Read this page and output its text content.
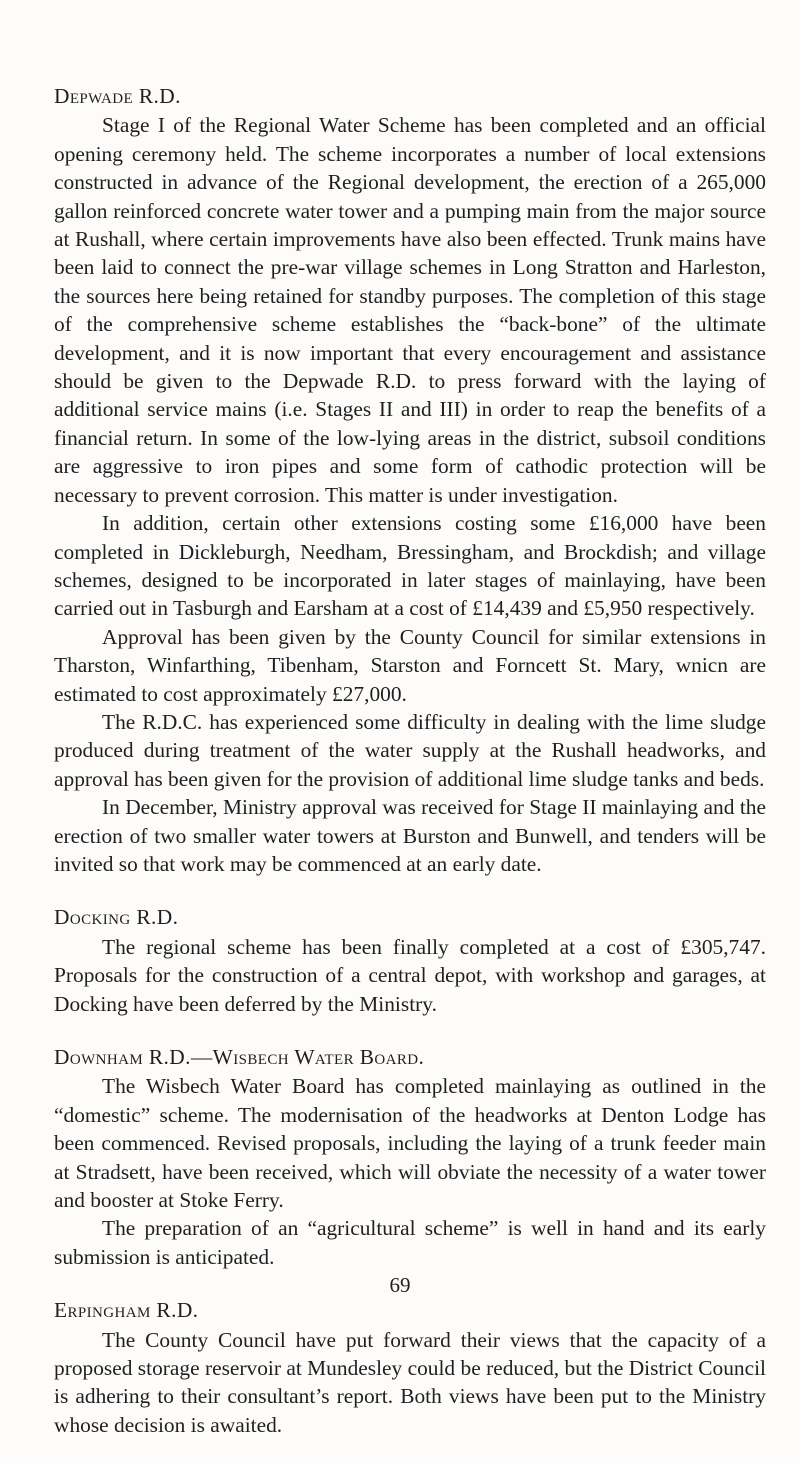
Depwade R.D.

Stage I of the Regional Water Scheme has been completed and an official opening ceremony held. The scheme incorporates a number of local extensions constructed in advance of the Regional development, the erection of a 265,000 gallon reinforced concrete water tower and a pumping main from the major source at Rushall, where certain improvements have also been effected. Trunk mains have been laid to connect the pre-war village schemes in Long Stratton and Harleston, the sources here being retained for standby purposes. The completion of this stage of the comprehensive scheme establishes the “back-bone” of the ultimate development, and it is now important that every encouragement and assistance should be given to the Depwade R.D. to press forward with the laying of additional service mains (i.e. Stages II and III) in order to reap the benefits of a financial return. In some of the low-lying areas in the district, subsoil conditions are aggressive to iron pipes and some form of cathodic protection will be necessary to prevent corrosion. This matter is under investigation.

In addition, certain other extensions costing some £16,000 have been completed in Dickleburgh, Needham, Bressingham, and Brockdish; and village schemes, designed to be incorporated in later stages of mainlaying, have been carried out in Tasburgh and Earsham at a cost of £14,439 and £5,950 respectively.

Approval has been given by the County Council for similar extensions in Tharston, Winfarthing, Tibenham, Starston and Forncett St. Mary, wnicn are estimated to cost approximately £27,000.

The R.D.C. has experienced some difficulty in dealing with the lime sludge produced during treatment of the water supply at the Rushall headworks, and approval has been given for the provision of additional lime sludge tanks and beds.

In December, Ministry approval was received for Stage II mainlaying and the erection of two smaller water towers at Burston and Bunwell, and tenders will be invited so that work may be commenced at an early date.

Docking R.D.

The regional scheme has been finally completed at a cost of £305,747. Proposals for the construction of a central depot, with workshop and garages, at Docking have been deferred by the Ministry.

Downham R.D.—Wisbech Water Board.

The Wisbech Water Board has completed mainlaying as outlined in the “domestic” scheme. The modernisation of the headworks at Denton Lodge has been commenced. Revised proposals, including the laying of a trunk feeder main at Stradsett, have been received, which will obviate the necessity of a water tower and booster at Stoke Ferry.

The preparation of an “agricultural scheme” is well in hand and its early submission is anticipated.

Erpingham R.D.

The County Council have put forward their views that the capacity of a proposed storage reservoir at Mundesley could be reduced, but the District Council is adhering to their consultant’s report. Both views have been put to the Ministry whose decision is awaited.

69
